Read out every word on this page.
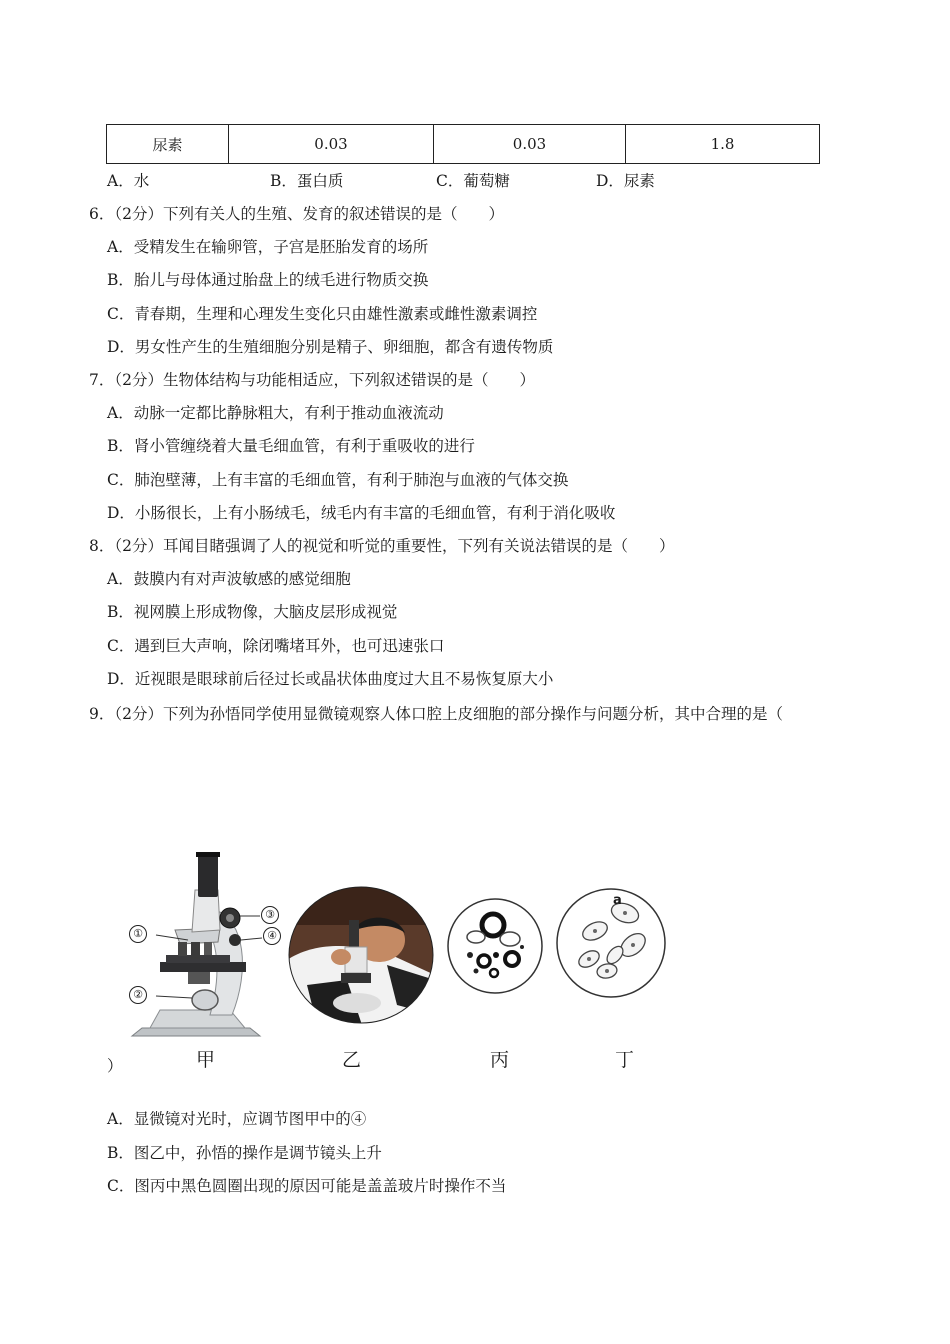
尿素	0.03	0.03	1.8
A．水	B．蛋白质	C．葡萄糖	D．尿素
6．（2分）下列有关人的生殖、发育的叙述错误的是（　　）
A．受精发生在输卵管，子宫是胚胎发育的场所
B．胎儿与母体通过胎盘上的绒毛进行物质交换
C．青春期，生理和心理发生变化只由雄性激素或雌性激素调控
D．男女性产生的生殖细胞分别是精子、卵细胞，都含有遗传物质
7．（2分）生物体结构与功能相适应，下列叙述错误的是（　　）
A．动脉一定都比静脉粗大，有利于推动血液流动
B．肾小管缠绕着大量毛细血管，有利于重吸收的进行
C．肺泡壁薄，上有丰富的毛细血管，有利于肺泡与血液的气体交换
D．小肠很长，上有小肠绒毛，绒毛内有丰富的毛细血管，有利于消化吸收
8．（2分）耳闻目睹强调了人的视觉和听觉的重要性，下列有关说法错误的是（　　）
A．鼓膜内有对声波敏感的感觉细胞
B．视网膜上形成物像，大脑皮层形成视觉
C．遇到巨大声响，除闭嘴堵耳外，也可迅速张口
D．近视眼是眼球前后径过长或晶状体曲度过大且不易恢复原大小
9．（2分）下列为孙悟同学使用显微镜观察人体口腔上皮细胞的部分操作与问题分析，其中合理的是（
①
②
③
④
a
甲	乙	丙	丁
）
A．显微镜对光时，应调节图甲中的④
B．图乙中，孙悟的操作是调节镜头上升
C．图丙中黑色圆圈出现的原因可能是盖盖玻片时操作不当
